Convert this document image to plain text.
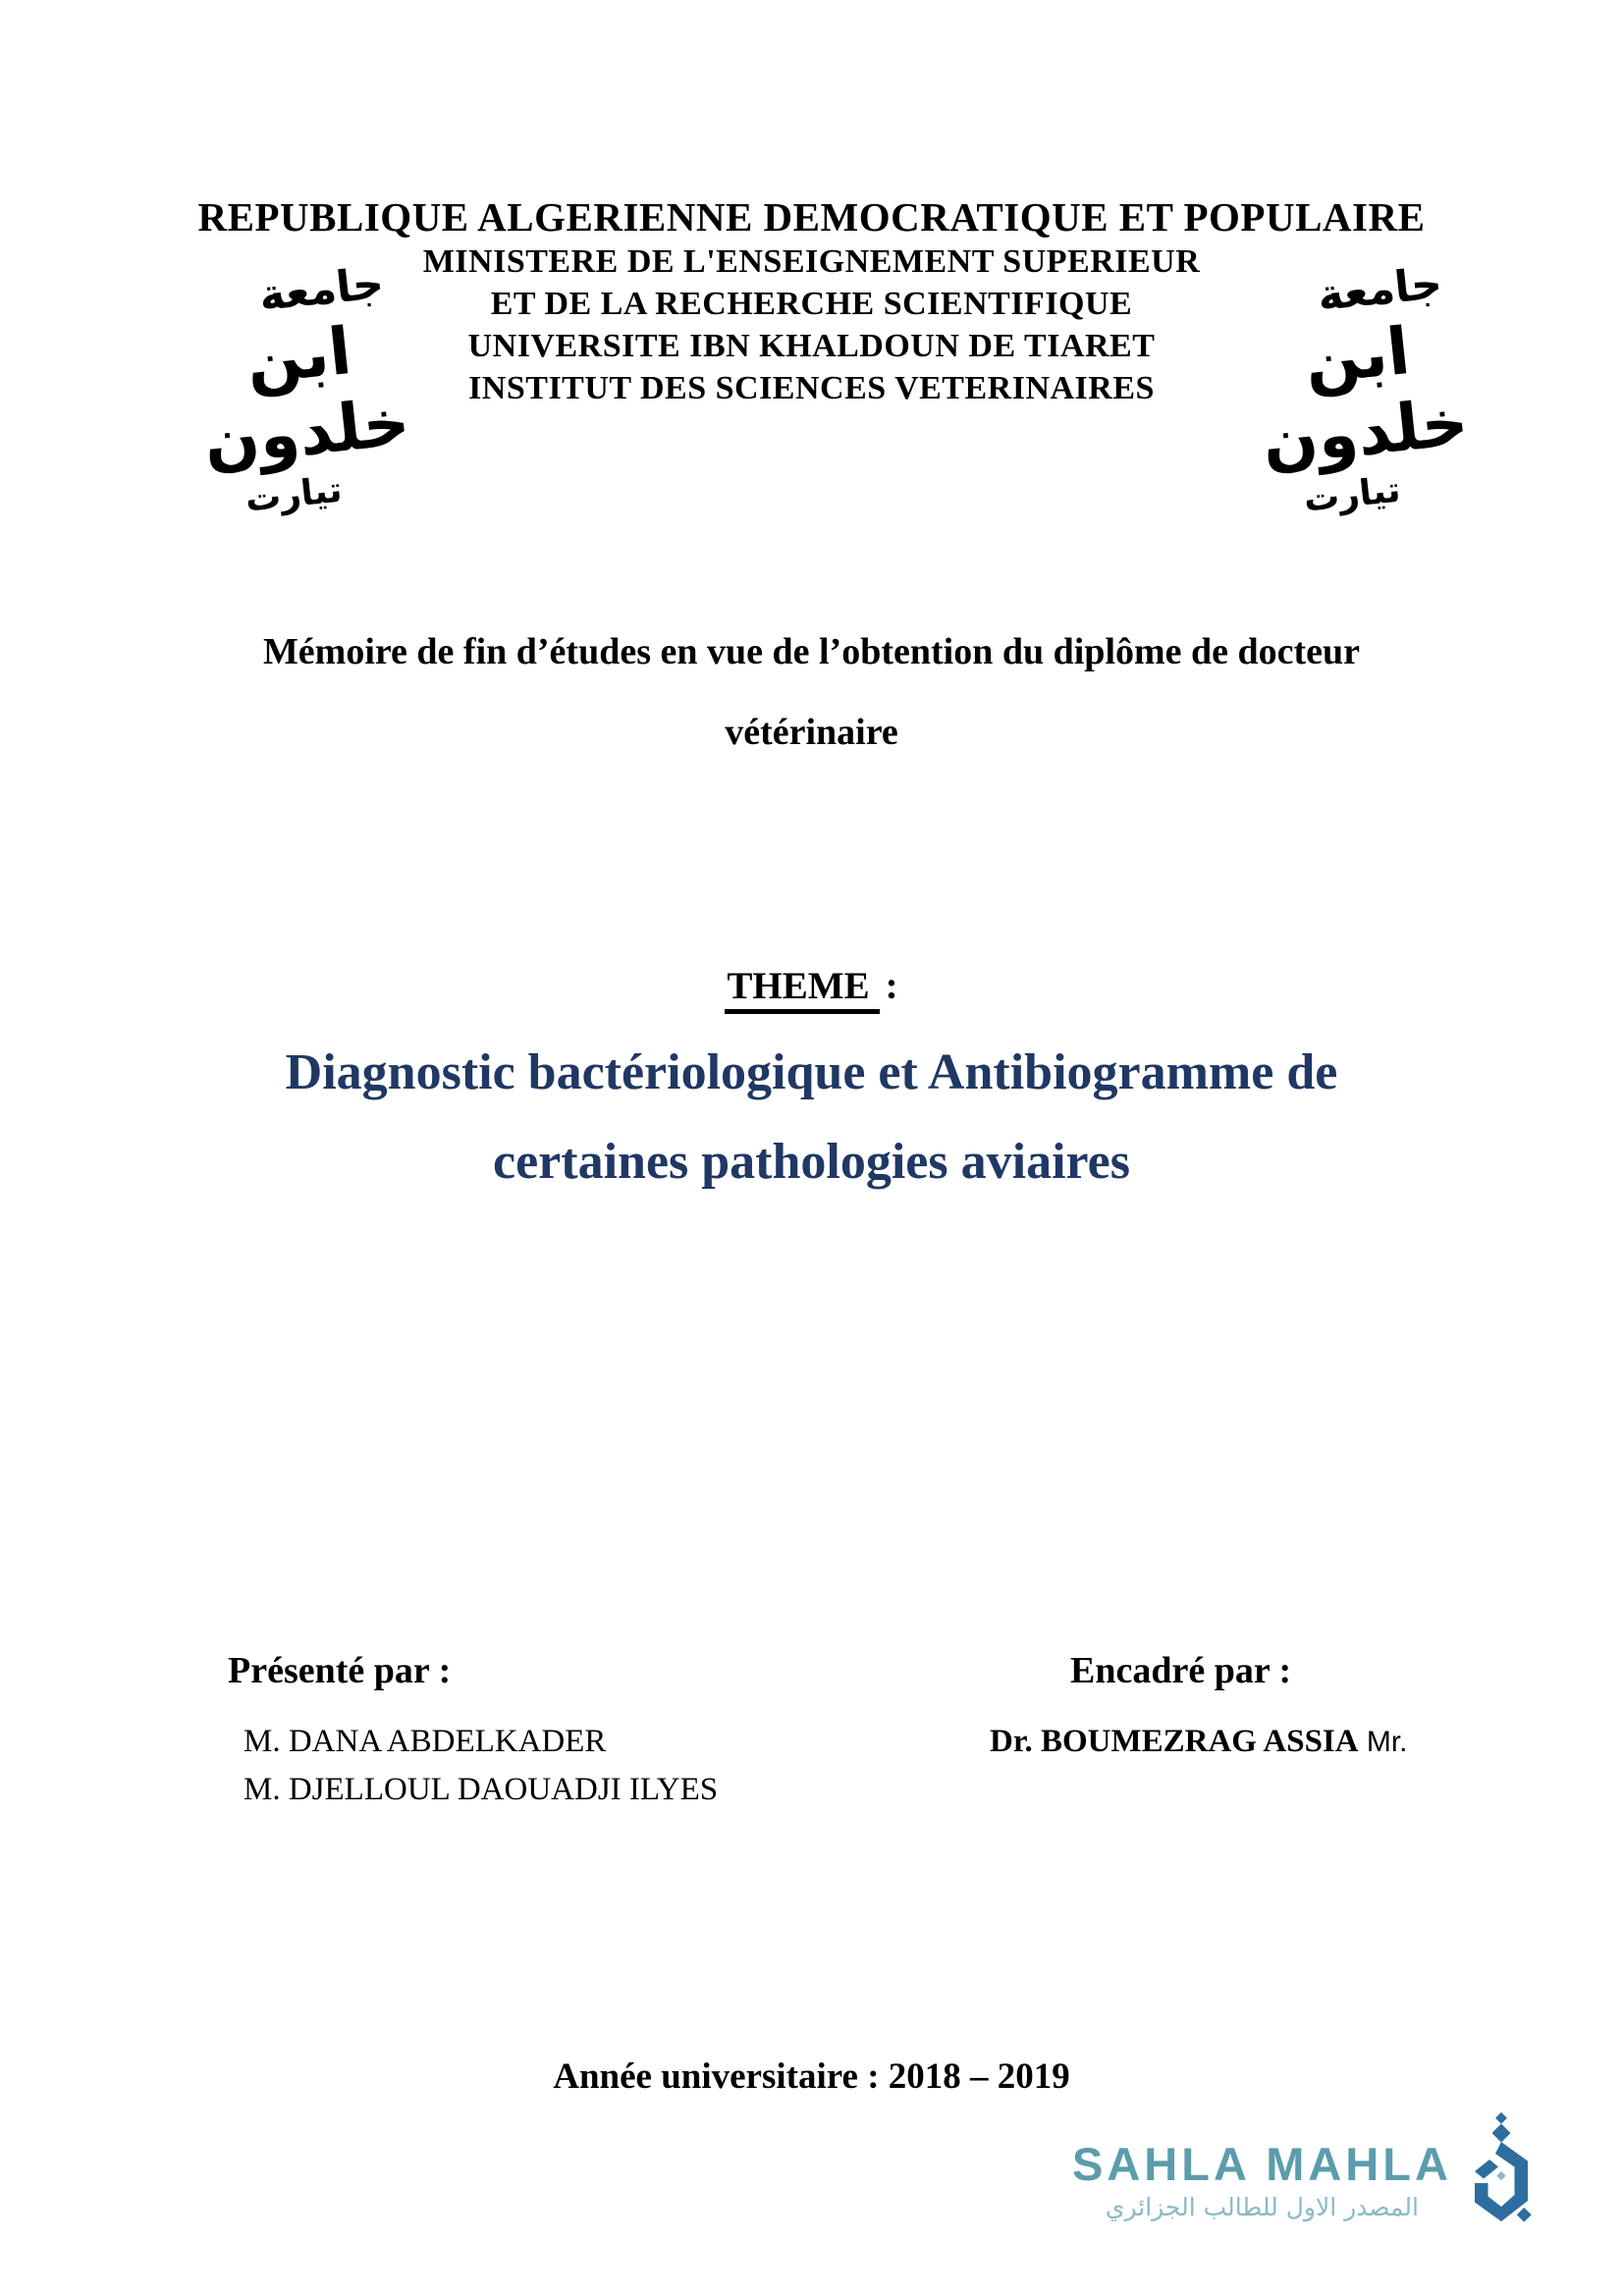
REPUBLIQUE ALGERIENNE DEMOCRATIQUE ET POPULAIRE
MINISTERE DE L'ENSEIGNEMENT SUPERIEUR
ET DE LA RECHERCHE SCIENTIFIQUE
UNIVERSITE IBN KHALDOUN DE TIARET
INSTITUT DES SCIENCES VETERINAIRES
جامعة
ابن خلدون
تيارت
جامعة
ابن خلدون
تيارت
Mémoire de fin d’études en vue de l’obtention du diplôme de docteur
vétérinaire
THEME :
Diagnostic bactériologique et Antibiogramme de
certaines pathologies aviaires
Présenté par :
M. DANA ABDELKADER
M. DJELLOUL DAOUADJI ILYES
Encadré par :
Dr. BOUMEZRAG ASSIA Mr.
Année universitaire : 2018 – 2019
SAHLA MAHLA
المصدر الاول للطالب الجزائري
